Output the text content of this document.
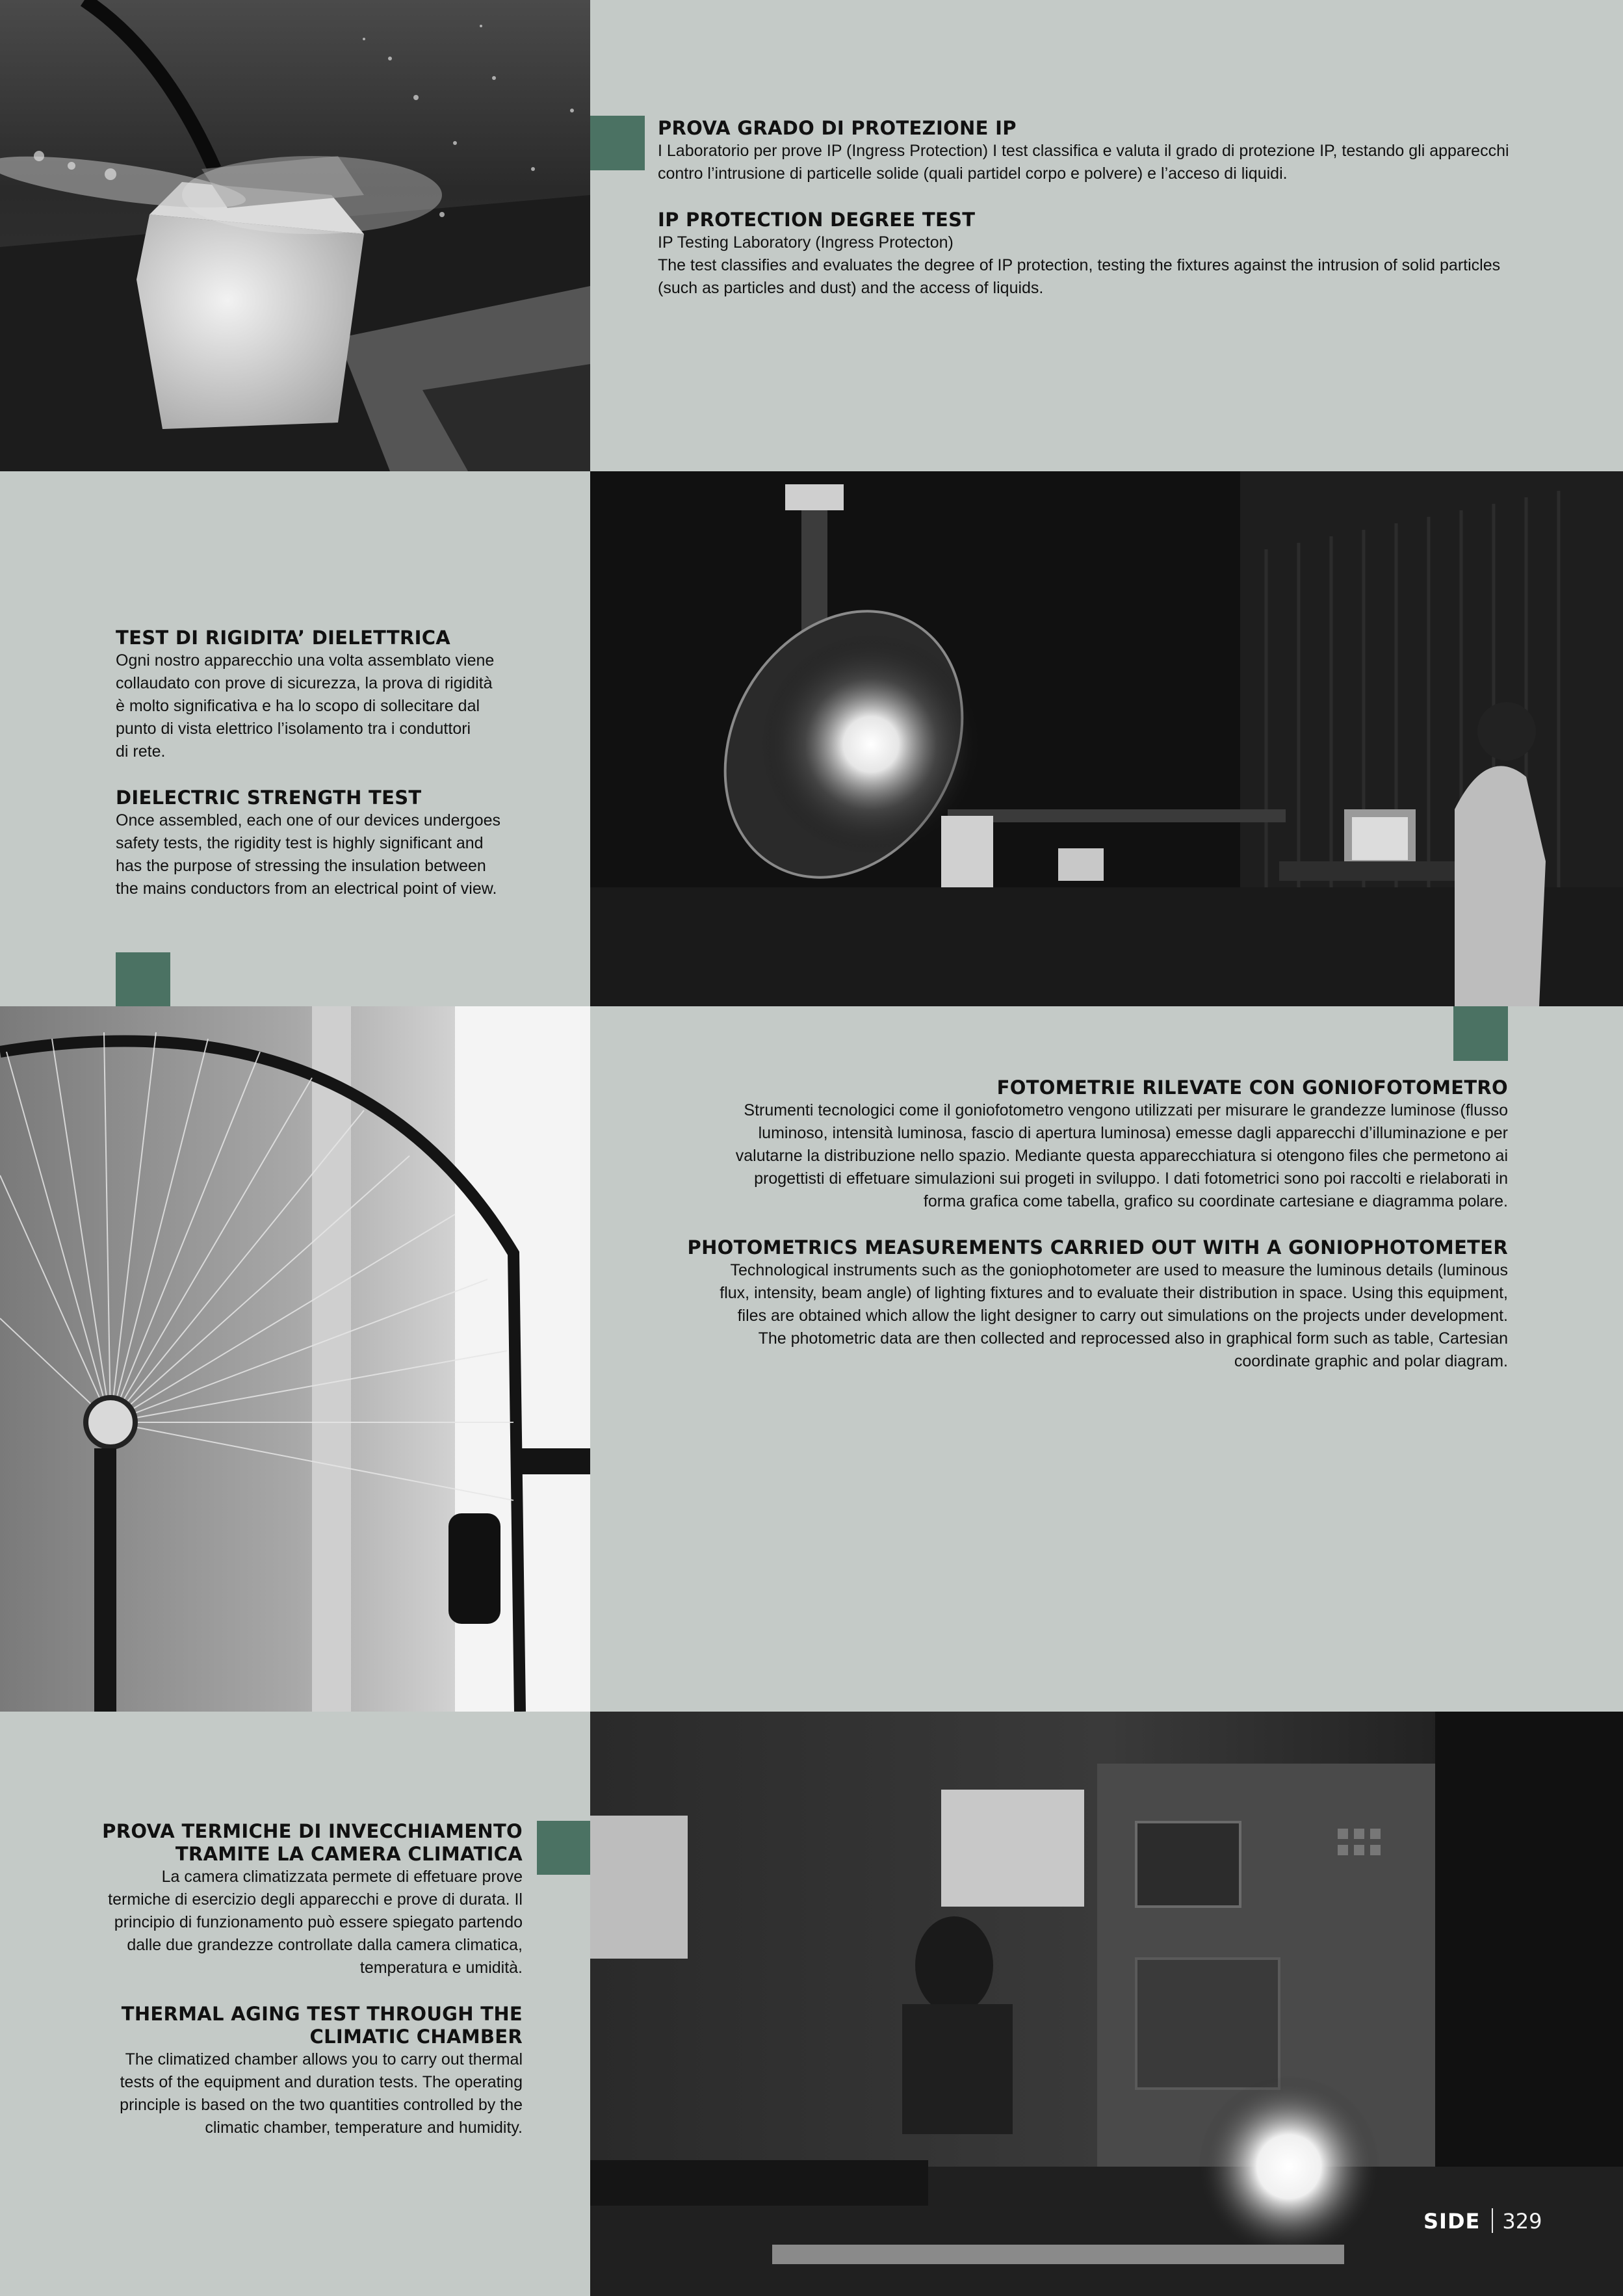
PROVA GRADO DI PROTEZIONE IP

I Laboratorio per prove IP (Ingress Protection) I test classifica e valuta il grado di protezione IP, testando gli apparecchi

contro l’intrusione di particelle solide (quali partidel corpo e polvere) e l’acceso di liquidi.

IP PROTECTION DEGREE TEST

IP Testing Laboratory (Ingress Protecton)

The test classifies and evaluates the degree of IP protection, testing the fixtures against the intrusion of solid particles

(such as particles and dust) and the access of liquids.

TEST DI RIGIDITA’ DIELETTRICA

Ogni nostro apparecchio una volta assemblato viene

collaudato con prove di sicurezza, la prova di rigidità

è molto significativa e ha lo scopo di sollecitare dal

punto di vista elettrico l’isolamento tra i conduttori

di rete.

DIELECTRIC STRENGTH TEST

Once assembled, each one of our devices undergoes

safety tests, the rigidity test is highly significant and

has the purpose of stressing the insulation between

the mains conductors from an electrical point of view.

FOTOMETRIE RILEVATE CON GONIOFOTOMETRO

Strumenti tecnologici come il goniofotometro vengono utilizzati per misurare le grandezze luminose (flusso

luminoso, intensità luminosa, fascio di apertura luminosa) emesse dagli apparecchi d’illuminazione e per

valutarne la distribuzione nello spazio. Mediante questa apparecchiatura si otengono files che permetono ai

progettisti di effetuare simulazioni sui progeti in sviluppo. I dati fotometrici sono poi raccolti e rielaborati in

forma grafica come tabella, grafico su coordinate cartesiane e diagramma polare.

PHOTOMETRICS MEASUREMENTS CARRIED OUT WITH A GONIOPHOTOMETER

Technological instruments such as the goniophotometer are used to measure the luminous details (luminous

flux, intensity, beam angle) of lighting fixtures and to evaluate their distribution in space. Using this equipment,

files are obtained which allow the light designer to carry out simulations on the projects under development.

The photometric data are then collected and reprocessed also in graphical form such as table, Cartesian

coordinate graphic and polar diagram.

PROVA TERMICHE DI INVECCHIAMENTO
TRAMITE LA CAMERA CLIMATICA

La camera climatizzata permete di effetuare prove

termiche di esercizio degli apparecchi e prove di durata. Il

principio di funzionamento può essere spiegato partendo

dalle due grandezze controllate dalla camera climatica,

temperatura e umidità.

THERMAL AGING TEST THROUGH THE
CLIMATIC CHAMBER

The climatized chamber allows you to carry out thermal

tests of the equipment and duration tests. The operating

principle is based on the two quantities controlled by the

climatic chamber, temperature and humidity.

SIDE 329
